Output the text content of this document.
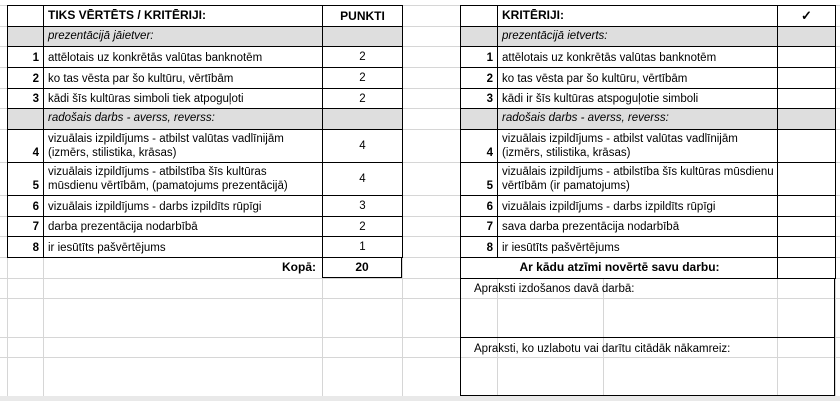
	TIKS VĒRTĒTS / KRITĒRIJI:	PUNKTI
	prezentācijā jāietver:	
1	attēlotais uz konkrētās valūtas banknotēm	2
2	ko tas vēsta par šo kultūru, vērtībām	2
3	kādi šīs kultūras simboli tiek atpoguļoti	2
	radošais darbs - averss, reverss:	
4	vizuālais izpildījums - atbilst valūtas vadlīnijām (izmērs, stilistika, krāsas)	4
5	vizuālais izpildījums - atbilstība šīs kultūras mūsdienu vērtībām, (pamatojums prezentācijā)	4
6	vizuālais izpildījums - darbs izpildīts rūpīgi	3
7	darba prezentācija nodarbībā	2
8	ir iesūtīts pašvērtējums	1
Kopā:	20
	KRITĒRIJI:	✓
	prezentācijā ietverts:	
1	attēlotais uz konkrētās valūtas banknotēm	
2	ko tas vēsta par šo kultūru, vērtībām	
3	kādi ir šīs kultūras atspoguļotie simboli	
	radošais darbs - averss, reverss:	
4	vizuālais izpildījums - atbilst valūtas vadlīnijām (izmērs, stilistika, krāsas)	
5	vizuālais izpildījums - atbilstība šīs kultūras mūsdienu vērtībām (ir pamatojums)	
6	vizuālais izpildījums - darbs izpildīts rūpīgi	
7	sava darba prezentācija nodarbībā	
8	ir iesūtīts pašvērtējums	
Ar kādu atzīmi novērtē savu darbu:		
Apraksti izdošanos davā darbā:
Apraksti, ko uzlabotu vai darītu citādāk nākamreiz:
